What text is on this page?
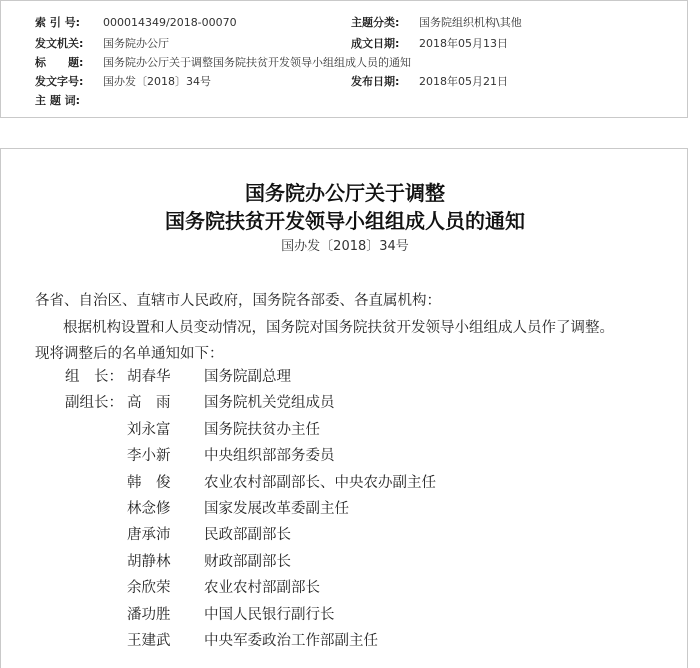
索 引 号: 000014349/2018-00070	主题分类: 国务院组织机构\其他
发文机关: 国务院办公厅	成文日期: 2018年05月13日
标　　题: 国务院办公厅关于调整国务院扶贫开发领导小组组成人员的通知
发文字号: 国办发〔2018〕34号	发布日期: 2018年05月21日
主 题 词:
国务院办公厅关于调整
国务院扶贫开发领导小组组成人员的通知
国办发〔2018〕34号
各省、自治区、直辖市人民政府，国务院各部委、各直属机构：
根据机构设置和人员变动情况，国务院对国务院扶贫开发领导小组组成人员作了调整。
现将调整后的名单通知如下：
组　长： 胡春华	国务院副总理
副组长： 高　雨	国务院机关党组成员
刘永富	国务院扶贫办主任
李小新	中央组织部部务委员
韩　俊	农业农村部副部长、中央农办副主任
林念修	国家发展改革委副主任
唐承沛	民政部副部长
胡静林	财政部副部长
余欣荣	农业农村部副部长
潘功胜	中国人民银行副行长
王建武	中央军委政治工作部副主任
